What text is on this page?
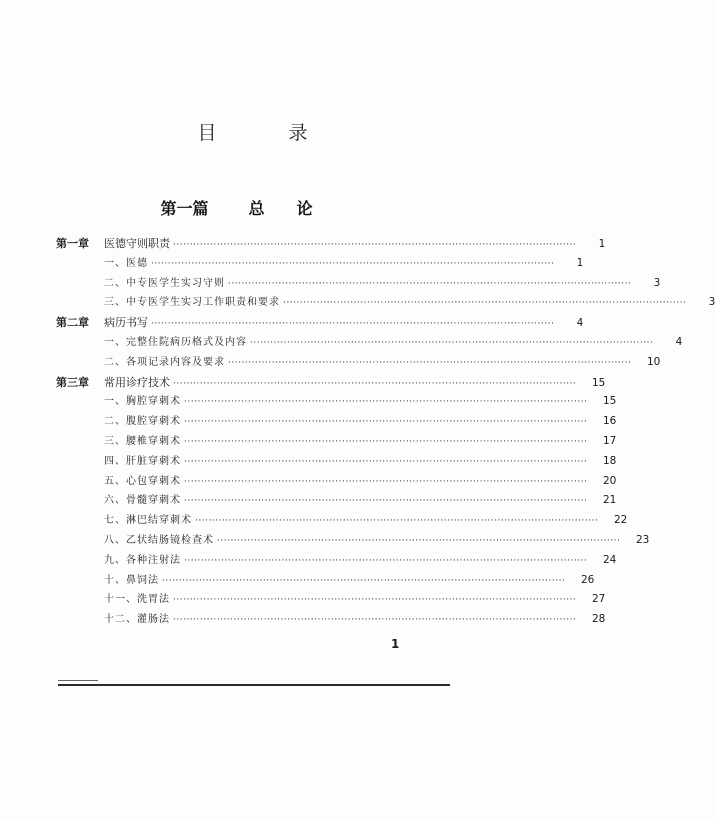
目录
第一篇	总论
第一章	医德守则职责 ························································································································	1
一、医德 ························································································································	1
二、中专医学生实习守则 ························································································································	3
三、中专医学生实习工作职责和要求 ························································································································	3
第二章	病历书写 ························································································································	4
一、完整住院病历格式及内容 ························································································································	4
二、各项记录内容及要求 ························································································································	10
第三章	常用诊疗技术 ························································································································	15
一、胸腔穿刺术 ························································································································	15
二、腹腔穿刺术 ························································································································	16
三、腰椎穿刺术 ························································································································	17
四、肝脏穿刺术 ························································································································	18
五、心包穿刺术 ························································································································	20
六、骨髓穿刺术 ························································································································	21
七、淋巴结穿刺术 ························································································································	22
八、乙状结肠镜检查术 ························································································································	23
九、各种注射法 ························································································································	24
十、鼻饲法 ························································································································	26
十一、洗胃法 ························································································································	27
十二、灌肠法 ························································································································	28
1
